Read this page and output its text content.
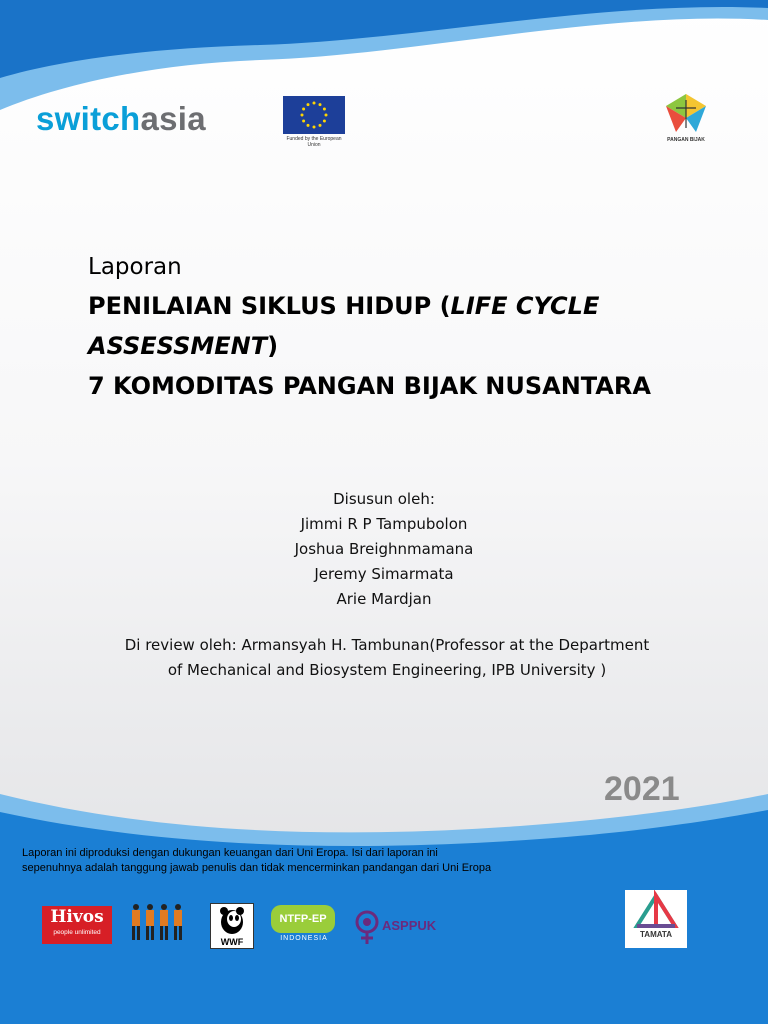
switchasia
Funded by the European Union
PANGAN BIJAK
Laporan
PENILAIAN SIKLUS HIDUP (LIFE CYCLE
ASSESSMENT)
7 KOMODITAS PANGAN BIJAK NUSANTARA
Disusun oleh:
Jimmi R P Tampubolon
Joshua Breighnmamana
Jeremy Simarmata
Arie Mardjan
Di review oleh: Armansyah H. Tambunan(Professor at the Department
of Mechanical and Biosystem Engineering, IPB University )
2021
Laporan ini diproduksi dengan dukungan keuangan dari Uni Eropa. Isi dari laporan ini
sepenuhnya adalah tanggung jawab penulis dan tidak mencerminkan pandangan dari Uni Eropa
Hivos
people unlimited
WWF
NTFP-EP
INDONESIA
ASPPUK
TAMATA
